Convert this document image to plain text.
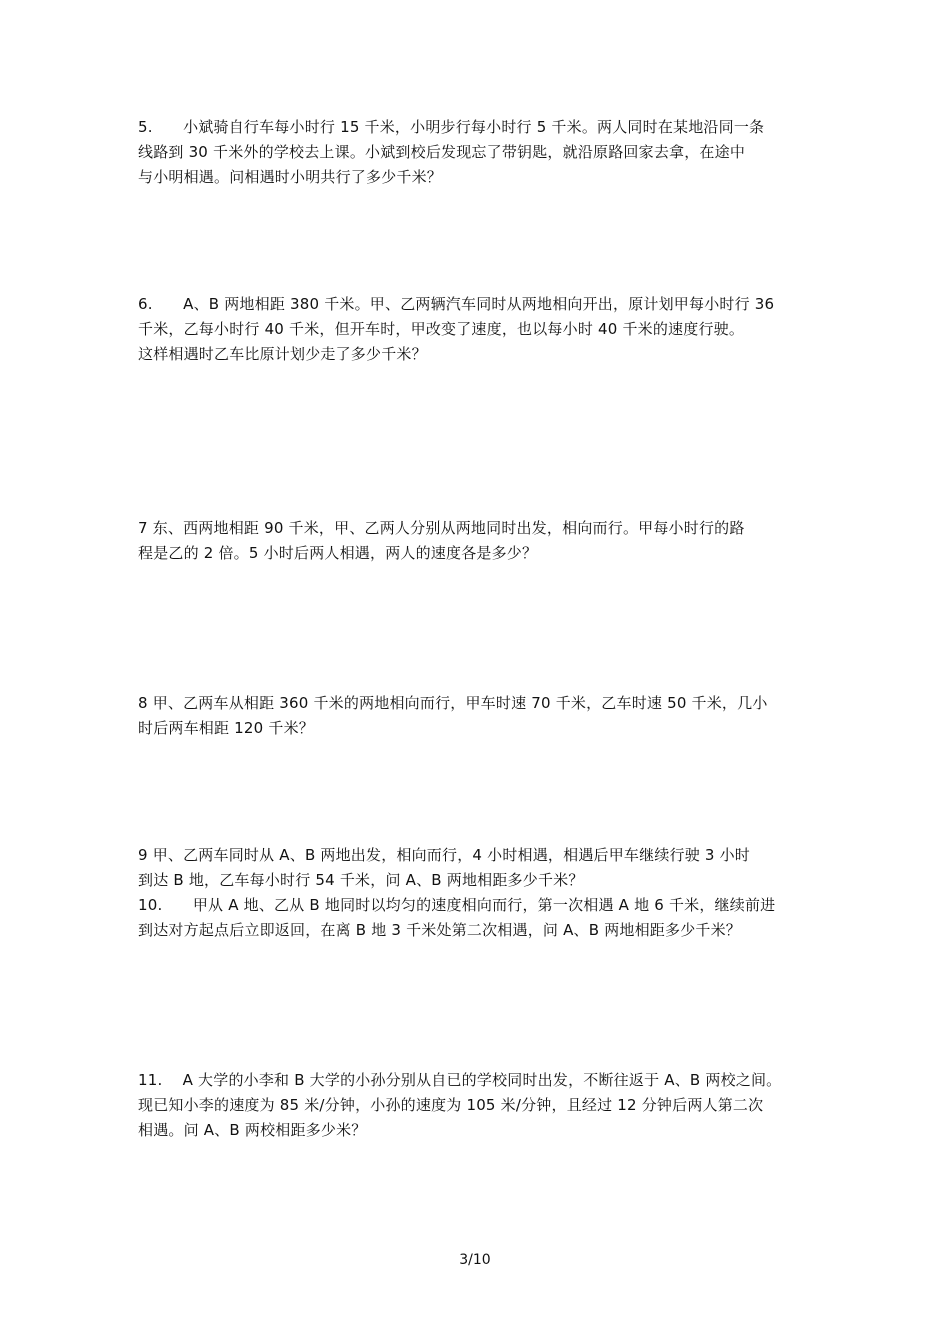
5.　　小斌骑自行车每小时行 15 千米，小明步行每小时行 5 千米。两人同时在某地沿同一条
线路到 30 千米外的学校去上课。小斌到校后发现忘了带钥匙，就沿原路回家去拿，在途中
与小明相遇。问相遇时小明共行了多少千米？
6.　　A、B 两地相距 380 千米。甲、乙两辆汽车同时从两地相向开出，原计划甲每小时行 36
千米，乙每小时行 40 千米，但开车时，甲改变了速度，也以每小时 40 千米的速度行驶。
这样相遇时乙车比原计划少走了多少千米？
7 东、西两地相距 90 千米，甲、乙两人分别从两地同时出发，相向而行。甲每小时行的路
程是乙的 2 倍。5 小时后两人相遇，两人的速度各是多少？
8 甲、乙两车从相距 360 千米的两地相向而行，甲车时速 70 千米，乙车时速 50 千米，几小
时后两车相距 120 千米？
9 甲、乙两车同时从 A、B 两地出发，相向而行，4 小时相遇，相遇后甲车继续行驶 3 小时
到达 B 地，乙车每小时行 54 千米，问 A、B 两地相距多少千米？
10.　　甲从 A 地、乙从 B 地同时以均匀的速度相向而行，第一次相遇 A 地 6 千米，继续前进
到达对方起点后立即返回，在离 B 地 3 千米处第二次相遇，问 A、B 两地相距多少千米？
11.　 A 大学的小李和 B 大学的小孙分别从自已的学校同时出发，不断往返于 A、B 两校之间。
现已知小李的速度为 85 米/分钟，小孙的速度为 105 米/分钟，且经过 12 分钟后两人第二次
相遇。问 A、B 两校相距多少米？
3/10
